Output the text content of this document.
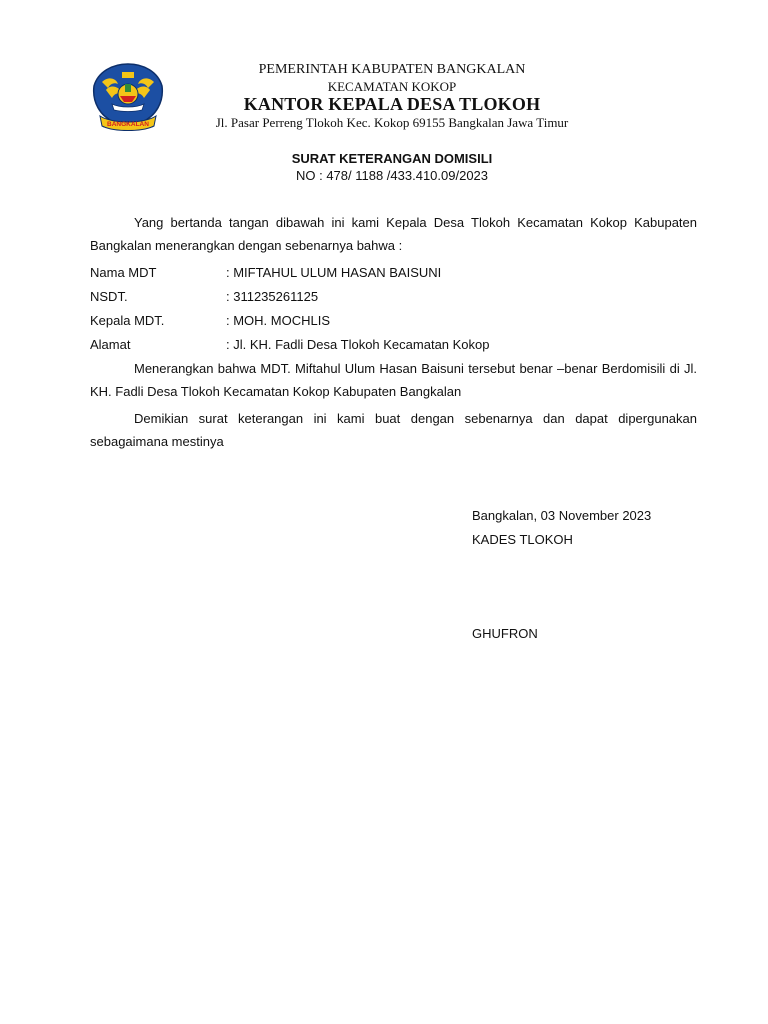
BANGKALAN
PEMERINTAH KABUPATEN BANGKALAN
KECAMATAN KOKOP
KANTOR KEPALA DESA TLOKOH
Jl. Pasar Perreng Tlokoh Kec. Kokop 69155 Bangkalan Jawa Timur
SURAT KETERANGAN DOMISILI
NO : 478/ 1188 /433.410.09/2023
Yang bertanda tangan dibawah ini kami Kepala Desa Tlokoh Kecamatan Kokop Kabupaten Bangkalan menerangkan dengan sebenarnya bahwa :
Nama MDT	: MIFTAHUL ULUM HASAN BAISUNI
NSDT.	: 311235261125
Kepala MDT.	: MOH. MOCHLIS
Alamat	: Jl. KH. Fadli Desa Tlokoh Kecamatan Kokop
Menerangkan bahwa MDT. Miftahul Ulum Hasan Baisuni tersebut benar –benar Berdomisili di Jl. KH. Fadli Desa Tlokoh Kecamatan Kokop Kabupaten Bangkalan
Demikian surat keterangan ini kami buat dengan sebenarnya dan dapat dipergunakan sebagaimana mestinya
Bangkalan, 03 November 2023
KADES TLOKOH
GHUFRON
